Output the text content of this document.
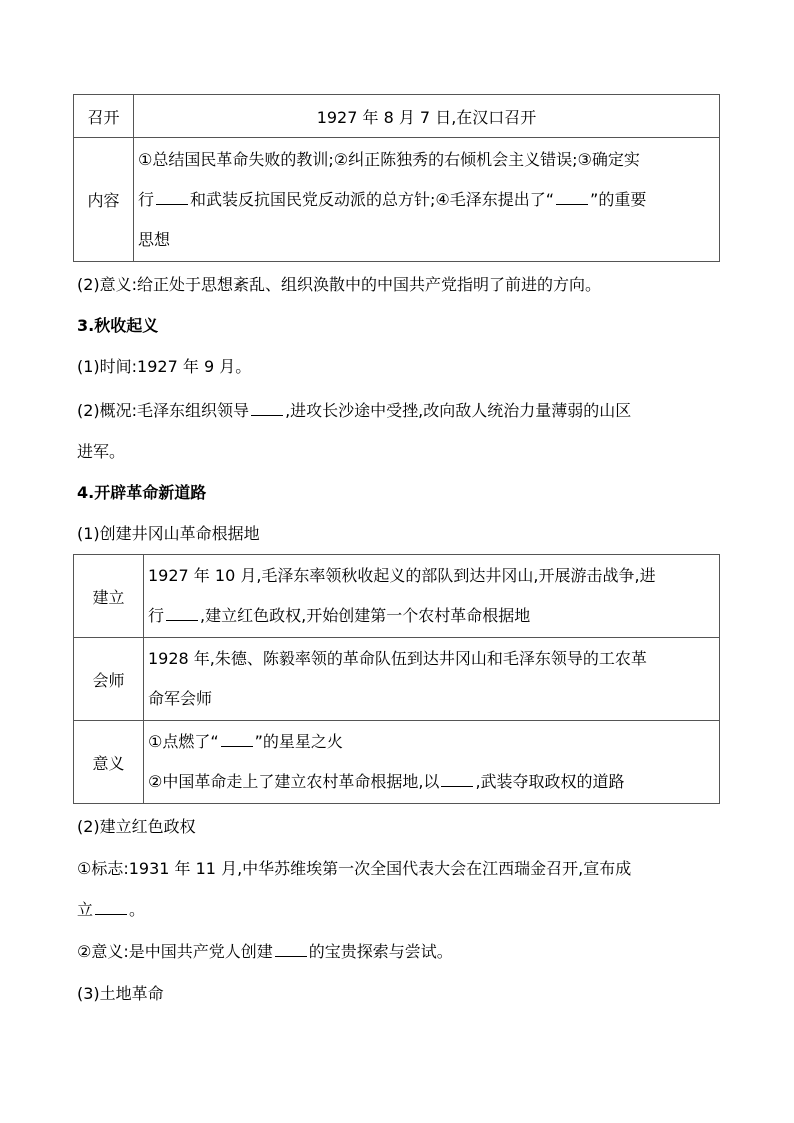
召开	1927 年 8 月 7 日,在汉口召开
内容	①总结国民革命失败的教训;②纠正陈独秀的右倾机会主义错误;③确定实
行 和武装反抗国民党反动派的总方针;④毛泽东提出了“ ”的重要
思想
(2)意义:给正处于思想紊乱、组织涣散中的中国共产党指明了前进的方向。
3.秋收起义
(1)时间:1927 年 9 月。
(2)概况:毛泽东组织领导 ,进攻长沙途中受挫,改向敌人统治力量薄弱的山区
进军。
4.开辟革命新道路
(1)创建井冈山革命根据地
建立	1927 年 10 月,毛泽东率领秋收起义的部队到达井冈山,开展游击战争,进
行 ,建立红色政权,开始创建第一个农村革命根据地

会师	1928 年,朱德、陈毅率领的革命队伍到达井冈山和毛泽东领导的工农革
命军会师

意义	①点燃了“ ”的星星之火
②中国革命走上了建立农村革命根据地,以 ,武装夺取政权的道路
(2)建立红色政权
①标志:1931 年 11 月,中华苏维埃第一次全国代表大会在江西瑞金召开,宣布成
立 。
②意义:是中国共产党人创建 的宝贵探索与尝试。
(3)土地革命
